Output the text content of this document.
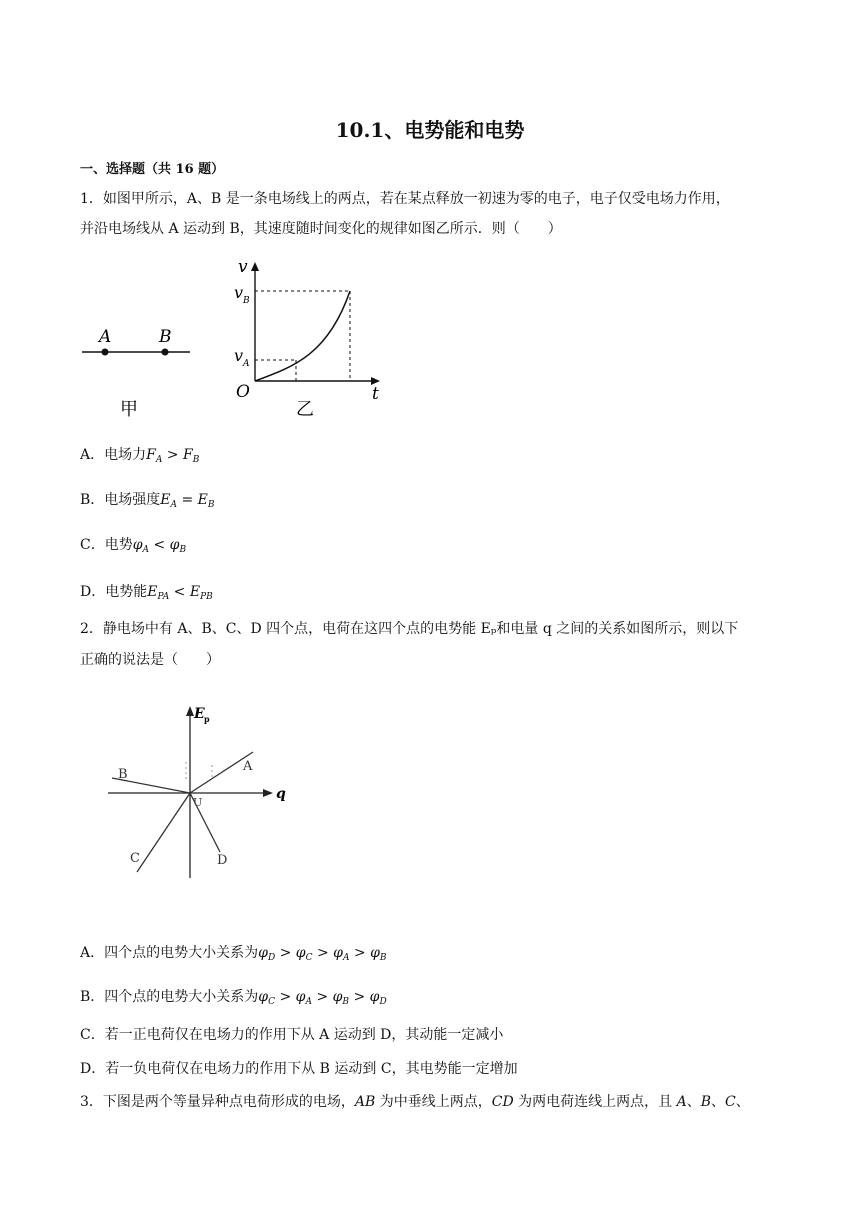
10.1、电势能和电势
一、选择题（共 16 题）
1．如图甲所示，A、B 是一条电场线上的两点，若在某点释放一初速为零的电子，电子仅受电场力作用，
并沿电场线从 A 运动到 B，其速度随时间变化的规律如图乙所示．则（　　）
A	B
甲
v
v B
v A
O	t
乙
A．电场力$F_A > F_B$
B．电场强度$E_A = E_B$
C．电势$\varphi_A < \varphi_B$
D．电势能$E_{PA} < E_{PB}$
2．静电场中有 A、B、C、D 四个点，电荷在这四个点的电势能 Eₚ和电量 q 之间的关系如图所示，则以下
正确的说法是（　　）
E p
q
U
A
B
C	D
A．四个点的电势大小关系为$\varphi_D > \varphi_C > \varphi_A > \varphi_B$
B．四个点的电势大小关系为$\varphi_C > \varphi_A > \varphi_B > \varphi_D$
C．若一正电荷仅在电场力的作用下从 A 运动到 D，其动能一定减小
D．若一负电荷仅在电场力的作用下从 B 运动到 C，其电势能一定增加
3．下图是两个等量异种点电荷形成的电场，AB 为中垂线上两点，CD 为两电荷连线上两点，且 A、B、C、
